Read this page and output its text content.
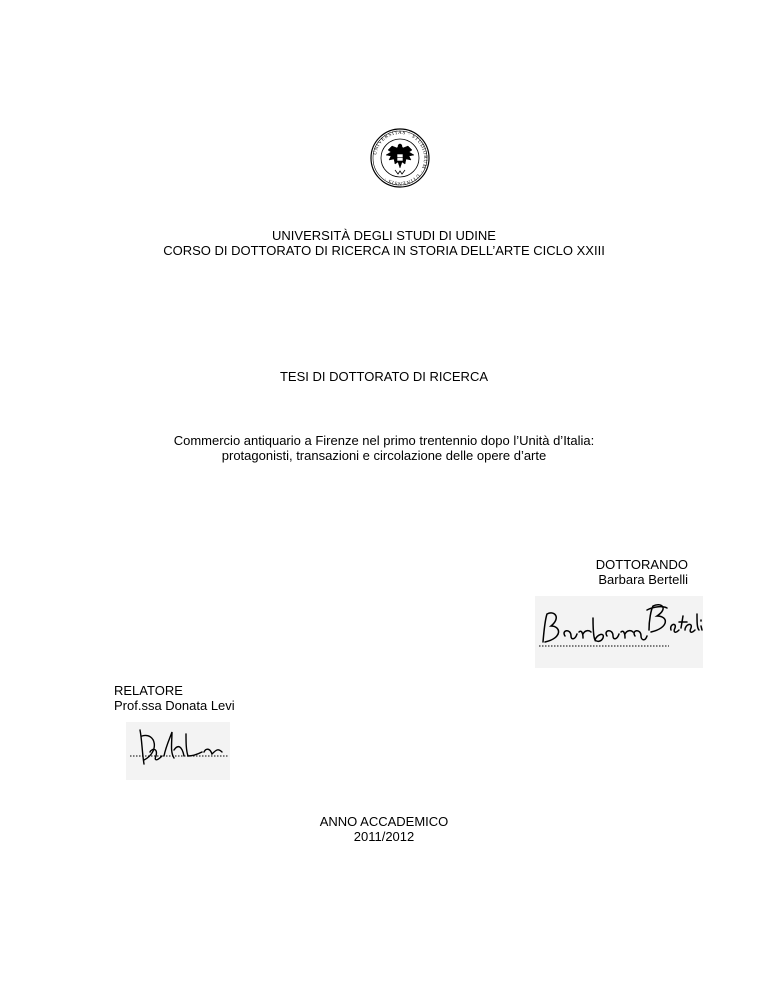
UNIVERSITAS · STUDIORUM · UTINENSIS ·
UNIVERSITÀ DEGLI STUDI DI UDINE
CORSO DI DOTTORATO DI RICERCA IN STORIA DELL’ARTE CICLO XXIII
TESI DI DOTTORATO DI RICERCA
Commercio antiquario a Firenze nel primo trentennio dopo l’Unità d’Italia:
protagonisti, transazioni e circolazione delle opere d’arte
DOTTORANDO
Barbara Bertelli
RELATORE
Prof.ssa Donata Levi
ANNO ACCADEMICO
2011/2012
